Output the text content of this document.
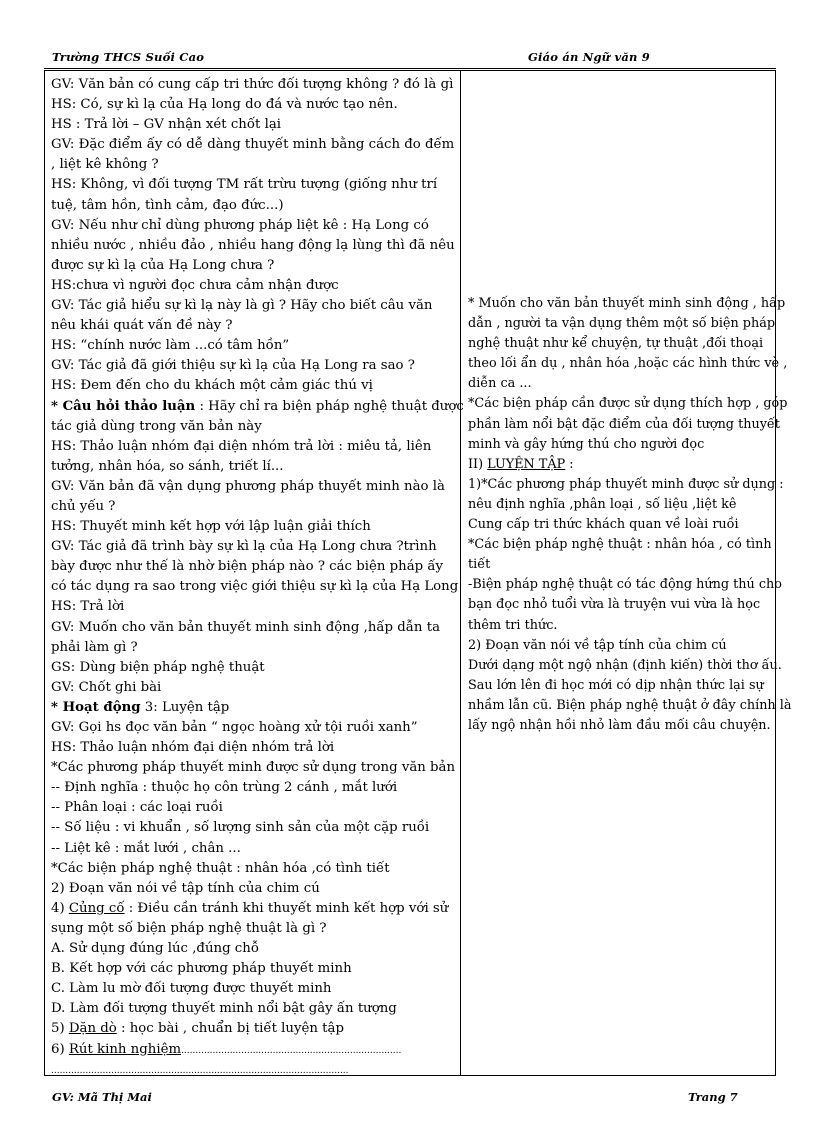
Trường THCS Suối Cao	Giáo án Ngữ văn 9
GV: Văn bản có cung cấp tri thức đối tượng không ? đó là gì
HS: Có, sự kì lạ của Hạ long do đá và nước tạo nên.
HS : Trả lời – GV nhận xét chốt lại
GV: Đặc điểm ấy có dễ dàng thuyết minh bằng cách đo đếm
, liệt kê không ?
HS: Không, vì đối tượng TM rất trừu tượng (giống như trí
tuệ, tâm hồn, tình cảm, đạo đức...)
GV: Nếu như chỉ dùng phương pháp liệt kê : Hạ Long có
nhiều nước , nhiều đảo , nhiều hang động lạ lùng thì đã nêu
được sự kì lạ của Hạ Long chưa ?
HS:chưa vì người đọc chưa cảm nhận được
GV: Tác giả hiểu sự kì lạ này là gì ? Hãy cho biết câu văn
nêu khái quát vấn đề này ?
HS: “chính nước làm ...có tâm hồn”
GV: Tác giả đã giới thiệu sự kì lạ của Hạ Long ra sao ?
HS: Đem đến cho du khách một cảm giác thú vị
* Câu hỏi thảo luận : Hãy chỉ ra biện pháp nghệ thuật được
tác giả dùng trong văn bản này
HS: Thảo luận nhóm đại diện nhóm trả lời : miêu tả, liên
tưởng, nhân hóa, so sánh, triết lí...
GV: Văn bản đã vận dụng phương pháp thuyết minh nào là
chủ yếu ?
HS: Thuyết minh kết hợp với lập luận giải thích
GV: Tác giả đã trình bày sự kì lạ của Hạ Long chưa ?trình
bày được như thế là nhờ biện pháp nào ? các biện pháp ấy
có tác dụng ra sao trong việc giới thiệu sự kì lạ của Hạ Long
HS: Trả lời
GV: Muốn cho văn bản thuyết minh sinh động ,hấp dẫn ta
phải làm gì ?
GS: Dùng biện pháp nghệ thuật
GV: Chốt ghi bài
* Hoạt động 3: Luyện tập
GV: Gọi hs đọc văn bản “ ngọc hoàng xử tội ruồi xanh”
HS: Thảo luận nhóm đại diện nhóm trả lời
*Các phương pháp thuyết minh được sử dụng trong văn bản
-- Định nghĩa : thuộc họ côn trùng 2 cánh , mắt lưới
-- Phân loại : các loại ruồi
-- Số liệu : vi khuẩn , số lượng sinh sản của một cặp ruồi
-- Liệt kê : mắt lưới , chân ...
*Các biện pháp nghệ thuật : nhân hóa ,có tình tiết
2) Đoạn văn nói về tập tính của chim cú
4) Củng cố : Điều cần tránh khi thuyết minh kết hợp với sử
sụng một số biện pháp nghệ thuật là gì ?
A. Sử dụng đúng lúc ,đúng chỗ
B. Kết hợp với các phương pháp thuyết minh
C. Làm lu mờ đối tượng được thuyết minh
D. Làm đối tượng thuyết minh nổi bật gây ấn tượng
5) Dặn dò : học bài , chuẩn bị tiết luyện tập
6) Rút kinh nghiệm.............................................................................
........................................................................................................
* Muốn cho văn bản thuyết minh sinh động , hấp
dẫn , người ta vận dụng thêm một số biện pháp
nghệ thuật như kể chuyện, tự thuật ,đối thoại
theo lối ẩn dụ , nhân hóa ,hoặc các hình thức vè ,
diễn ca ...
*Các biện pháp cần được sử dụng thích hợp , góp
phần làm nổi bật đặc điểm của đối tượng thuyết
minh và gây hứng thú cho người đọc
II) LUYỆN TẬP :
1)*Các phương pháp thuyết minh được sử dụng :
nêu định nghĩa ,phân loại , số liệu ,liệt kê
Cung cấp tri thức khách quan về loài ruồi
*Các biện pháp nghệ thuật : nhân hóa , có tình
tiết
-Biện pháp nghệ thuật có tác động hứng thú cho
bạn đọc nhỏ tuổi vừa là truyện vui vừa là học
thêm tri thức.
2) Đoạn văn nói về tập tính của chim cú
Dưới dạng một ngộ nhận (định kiến) thời thơ ấu.
Sau lớn lên đi học mới có dịp nhận thức lại sự
nhầm lẫn cũ. Biện pháp nghệ thuật ở đây chính là
lấy ngộ nhận hồi nhỏ làm đầu mối câu chuyện.
GV: Mã Thị Mai	Trang 7
